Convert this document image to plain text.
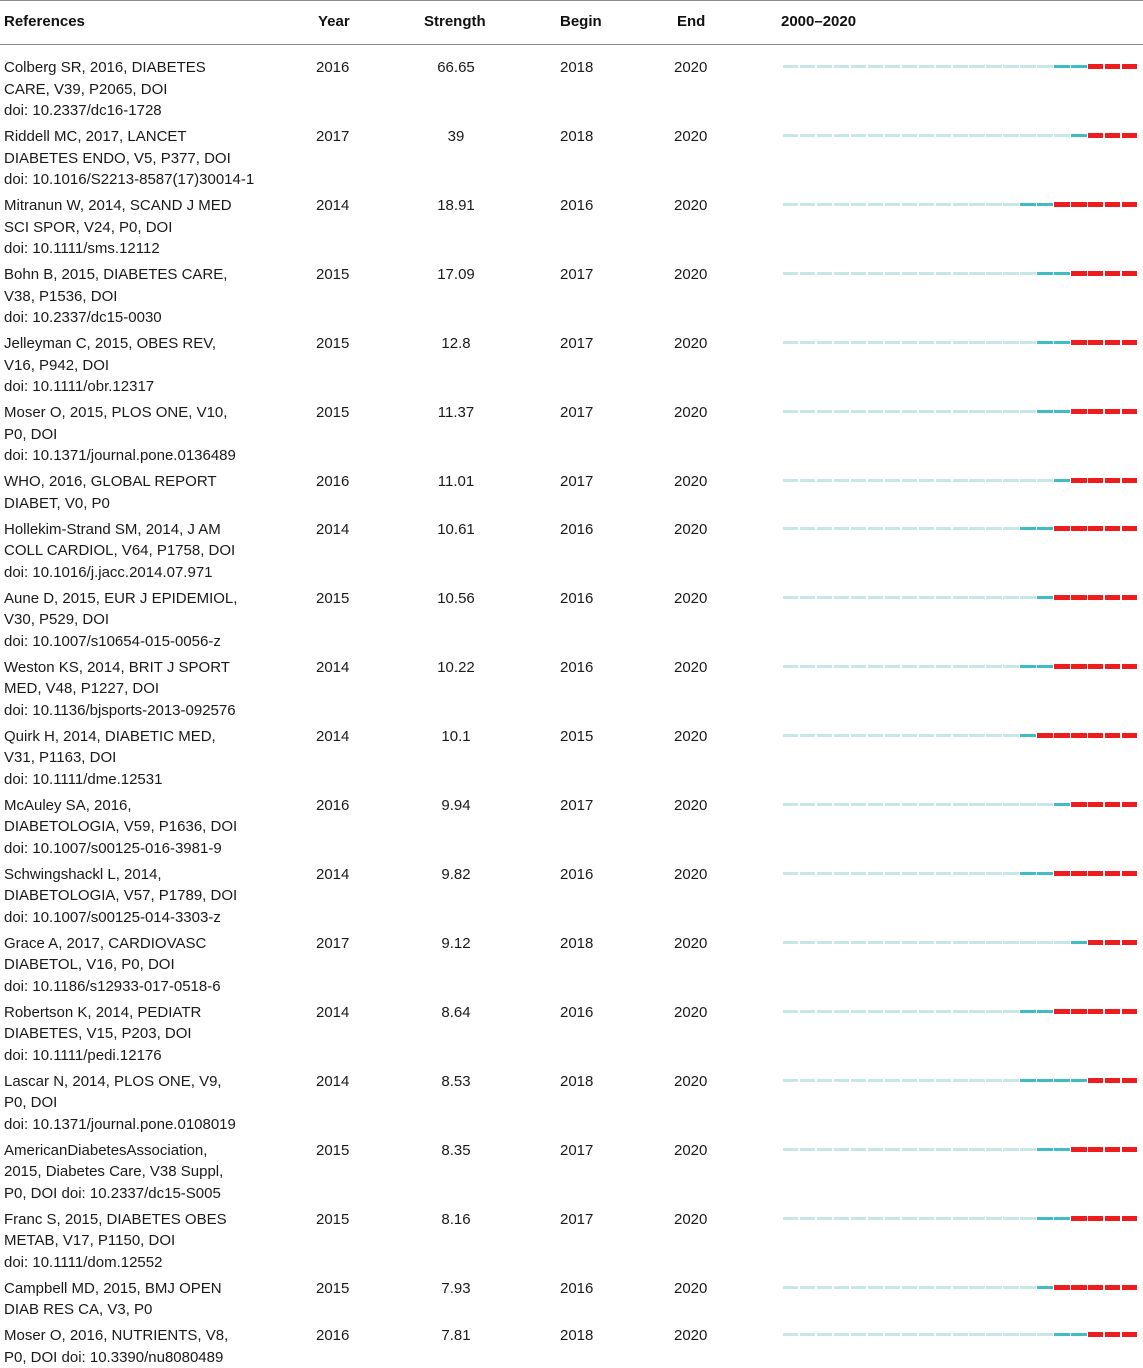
References	Year	Strength	Begin	End	2000–2020
Colberg SR, 2016, DIABETES
CARE, V39, P2065, DOI
doi: 10.2337/dc16-1728
2016	66.65	2018	2020
Riddell MC, 2017, LANCET
DIABETES ENDO, V5, P377, DOI
doi: 10.1016/S2213-8587(17)30014-1
2017	39	2018	2020
Mitranun W, 2014, SCAND J MED
SCI SPOR, V24, P0, DOI
doi: 10.1111/sms.12112
2014	18.91	2016	2020
Bohn B, 2015, DIABETES CARE,
V38, P1536, DOI
doi: 10.2337/dc15-0030
2015	17.09	2017	2020
Jelleyman C, 2015, OBES REV,
V16, P942, DOI
doi: 10.1111/obr.12317
2015	12.8	2017	2020
Moser O, 2015, PLOS ONE, V10,
P0, DOI
doi: 10.1371/journal.pone.0136489
2015	11.37	2017	2020
WHO, 2016, GLOBAL REPORT
DIABET, V0, P0
2016	11.01	2017	2020
Hollekim-Strand SM, 2014, J AM
COLL CARDIOL, V64, P1758, DOI
doi: 10.1016/j.jacc.2014.07.971
2014	10.61	2016	2020
Aune D, 2015, EUR J EPIDEMIOL,
V30, P529, DOI
doi: 10.1007/s10654-015-0056-z
2015	10.56	2016	2020
Weston KS, 2014, BRIT J SPORT
MED, V48, P1227, DOI
doi: 10.1136/bjsports-2013-092576
2014	10.22	2016	2020
Quirk H, 2014, DIABETIC MED,
V31, P1163, DOI
doi: 10.1111/dme.12531
2014	10.1	2015	2020
McAuley SA, 2016,
DIABETOLOGIA, V59, P1636, DOI
doi: 10.1007/s00125-016-3981-9
2016	9.94	2017	2020
Schwingshackl L, 2014,
DIABETOLOGIA, V57, P1789, DOI
doi: 10.1007/s00125-014-3303-z
2014	9.82	2016	2020
Grace A, 2017, CARDIOVASC
DIABETOL, V16, P0, DOI
doi: 10.1186/s12933-017-0518-6
2017	9.12	2018	2020
Robertson K, 2014, PEDIATR
DIABETES, V15, P203, DOI
doi: 10.1111/pedi.12176
2014	8.64	2016	2020
Lascar N, 2014, PLOS ONE, V9,
P0, DOI
doi: 10.1371/journal.pone.0108019
2014	8.53	2018	2020
AmericanDiabetesAssociation,
2015, Diabetes Care, V38 Suppl,
P0, DOI doi: 10.2337/dc15-S005
2015	8.35	2017	2020
Franc S, 2015, DIABETES OBES
METAB, V17, P1150, DOI
doi: 10.1111/dom.12552
2015	8.16	2017	2020
Campbell MD, 2015, BMJ OPEN
DIAB RES CA, V3, P0
2015	7.93	2016	2020
Moser O, 2016, NUTRIENTS, V8,
P0, DOI doi: 10.3390/nu8080489
2016	7.81	2018	2020
